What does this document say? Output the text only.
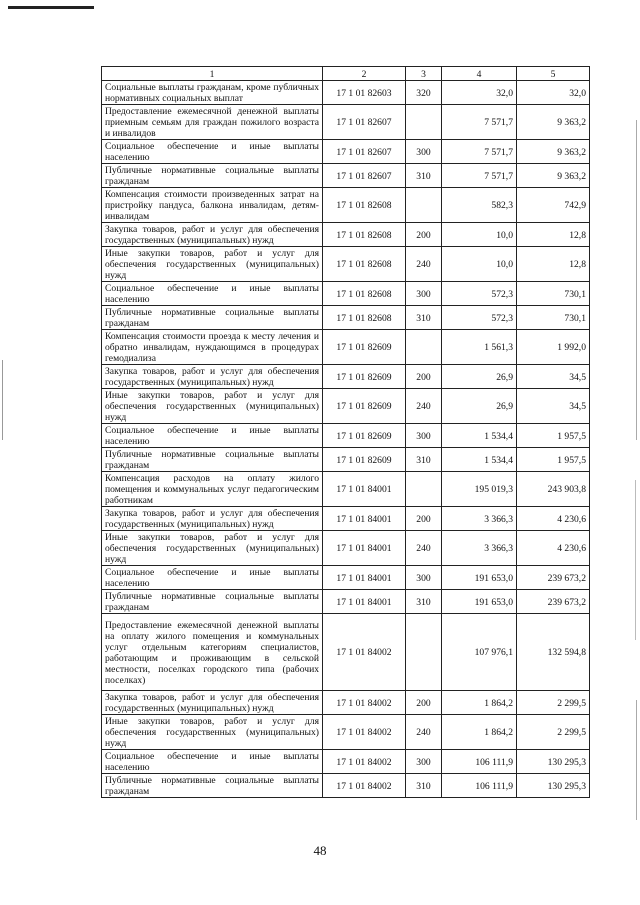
1	2	3	4	5
Социальные выплаты гражданам, кроме публичных нормативных социальных выплат	17 1 01 82603	320	32,0	32,0
Предоставление ежемесячной денежной выплаты приемным семьям для граждан пожилого возраста и инвалидов	17 1 01 82607		7 571,7	9 363,2
Социальное обеспечение и иные выплаты населению	17 1 01 82607	300	7 571,7	9 363,2
Публичные нормативные социальные выплаты гражданам	17 1 01 82607	310	7 571,7	9 363,2
Компенсация стоимости произведенных затрат на пристройку пандуса, балкона инвалидам, детям-инвалидам	17 1 01 82608		582,3	742,9
Закупка товаров, работ и услуг для обеспечения государственных (муниципальных) нужд	17 1 01 82608	200	10,0	12,8
Иные закупки товаров, работ и услуг для обеспечения государственных (муниципальных) нужд	17 1 01 82608	240	10,0	12,8
Социальное обеспечение и иные выплаты населению	17 1 01 82608	300	572,3	730,1
Публичные нормативные социальные выплаты гражданам	17 1 01 82608	310	572,3	730,1
Компенсация стоимости проезда к месту лечения и обратно инвалидам, нуждающимся в процедурах гемодиализа	17 1 01 82609		1 561,3	1 992,0
Закупка товаров, работ и услуг для обеспечения государственных (муниципальных) нужд	17 1 01 82609	200	26,9	34,5
Иные закупки товаров, работ и услуг для обеспечения государственных (муниципальных) нужд	17 1 01 82609	240	26,9	34,5
Социальное обеспечение и иные выплаты населению	17 1 01 82609	300	1 534,4	1 957,5
Публичные нормативные социальные выплаты гражданам	17 1 01 82609	310	1 534,4	1 957,5
Компенсация расходов на оплату жилого помещения и коммунальных услуг педагогическим работникам	17 1 01 84001		195 019,3	243 903,8
Закупка товаров, работ и услуг для обеспечения государственных (муниципальных) нужд	17 1 01 84001	200	3 366,3	4 230,6
Иные закупки товаров, работ и услуг для обеспечения государственных (муниципальных) нужд	17 1 01 84001	240	3 366,3	4 230,6
Социальное обеспечение и иные выплаты населению	17 1 01 84001	300	191 653,0	239 673,2
Публичные нормативные социальные выплаты гражданам	17 1 01 84001	310	191 653,0	239 673,2
Предоставление ежемесячной денежной выплаты на оплату жилого помещения и коммунальных услуг отдельным категориям специалистов, работающим и проживающим в сельской местности, поселках городского типа (рабочих поселках)	17 1 01 84002		107 976,1	132 594,8
Закупка товаров, работ и услуг для обеспечения государственных (муниципальных) нужд	17 1 01 84002	200	1 864,2	2 299,5
Иные закупки товаров, работ и услуг для обеспечения государственных (муниципальных) нужд	17 1 01 84002	240	1 864,2	2 299,5
Социальное обеспечение и иные выплаты населению	17 1 01 84002	300	106 111,9	130 295,3
Публичные нормативные социальные выплаты гражданам	17 1 01 84002	310	106 111,9	130 295,3
48
